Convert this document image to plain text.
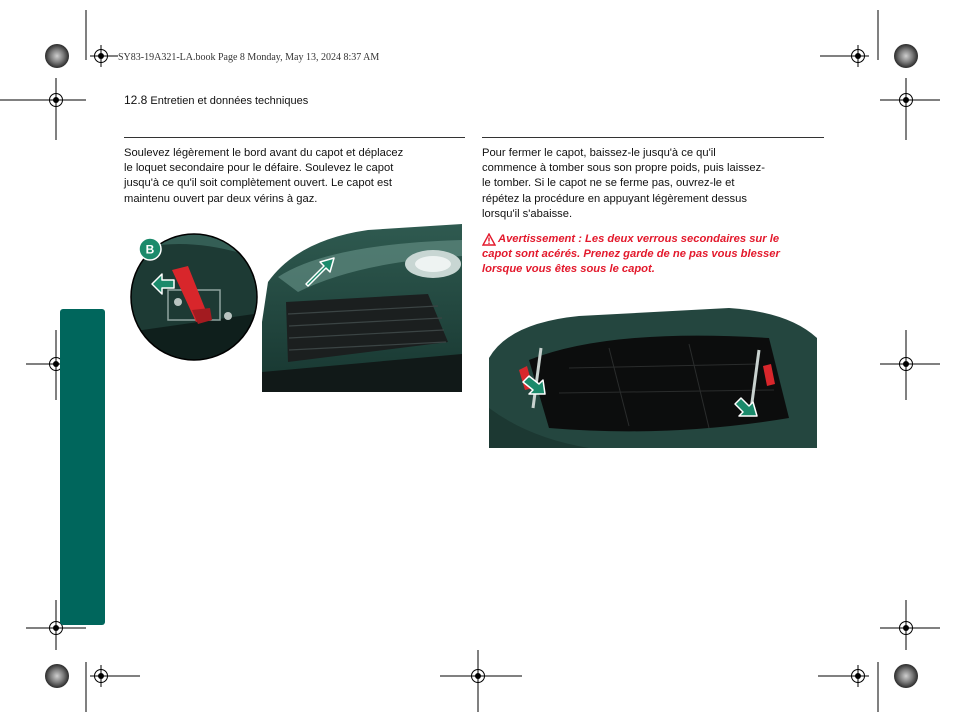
SY83-19A321-LA.book Page 8 Monday, May 13, 2024 8:37 AM
12.8 Entretien et données techniques
Soulevez légèrement le bord avant du capot et déplacez
le loquet secondaire pour le défaire. Soulevez le capot
jusqu'à ce qu'il soit complètement ouvert. Le capot est
maintenu ouvert par deux vérins à gaz.
Pour fermer le capot, baissez-le jusqu'à ce qu'il
commence à tomber sous son propre poids, puis laissez-
le tomber. Si le capot ne se ferme pas, ouvrez-le et
répétez la procédure en appuyant légèrement dessus
lorsqu'il s'abaisse.
Avertissement : Les deux verrous secondaires sur le
capot sont acérés. Prenez garde de ne pas vous blesser
lorsque vous êtes sous le capot.
B
